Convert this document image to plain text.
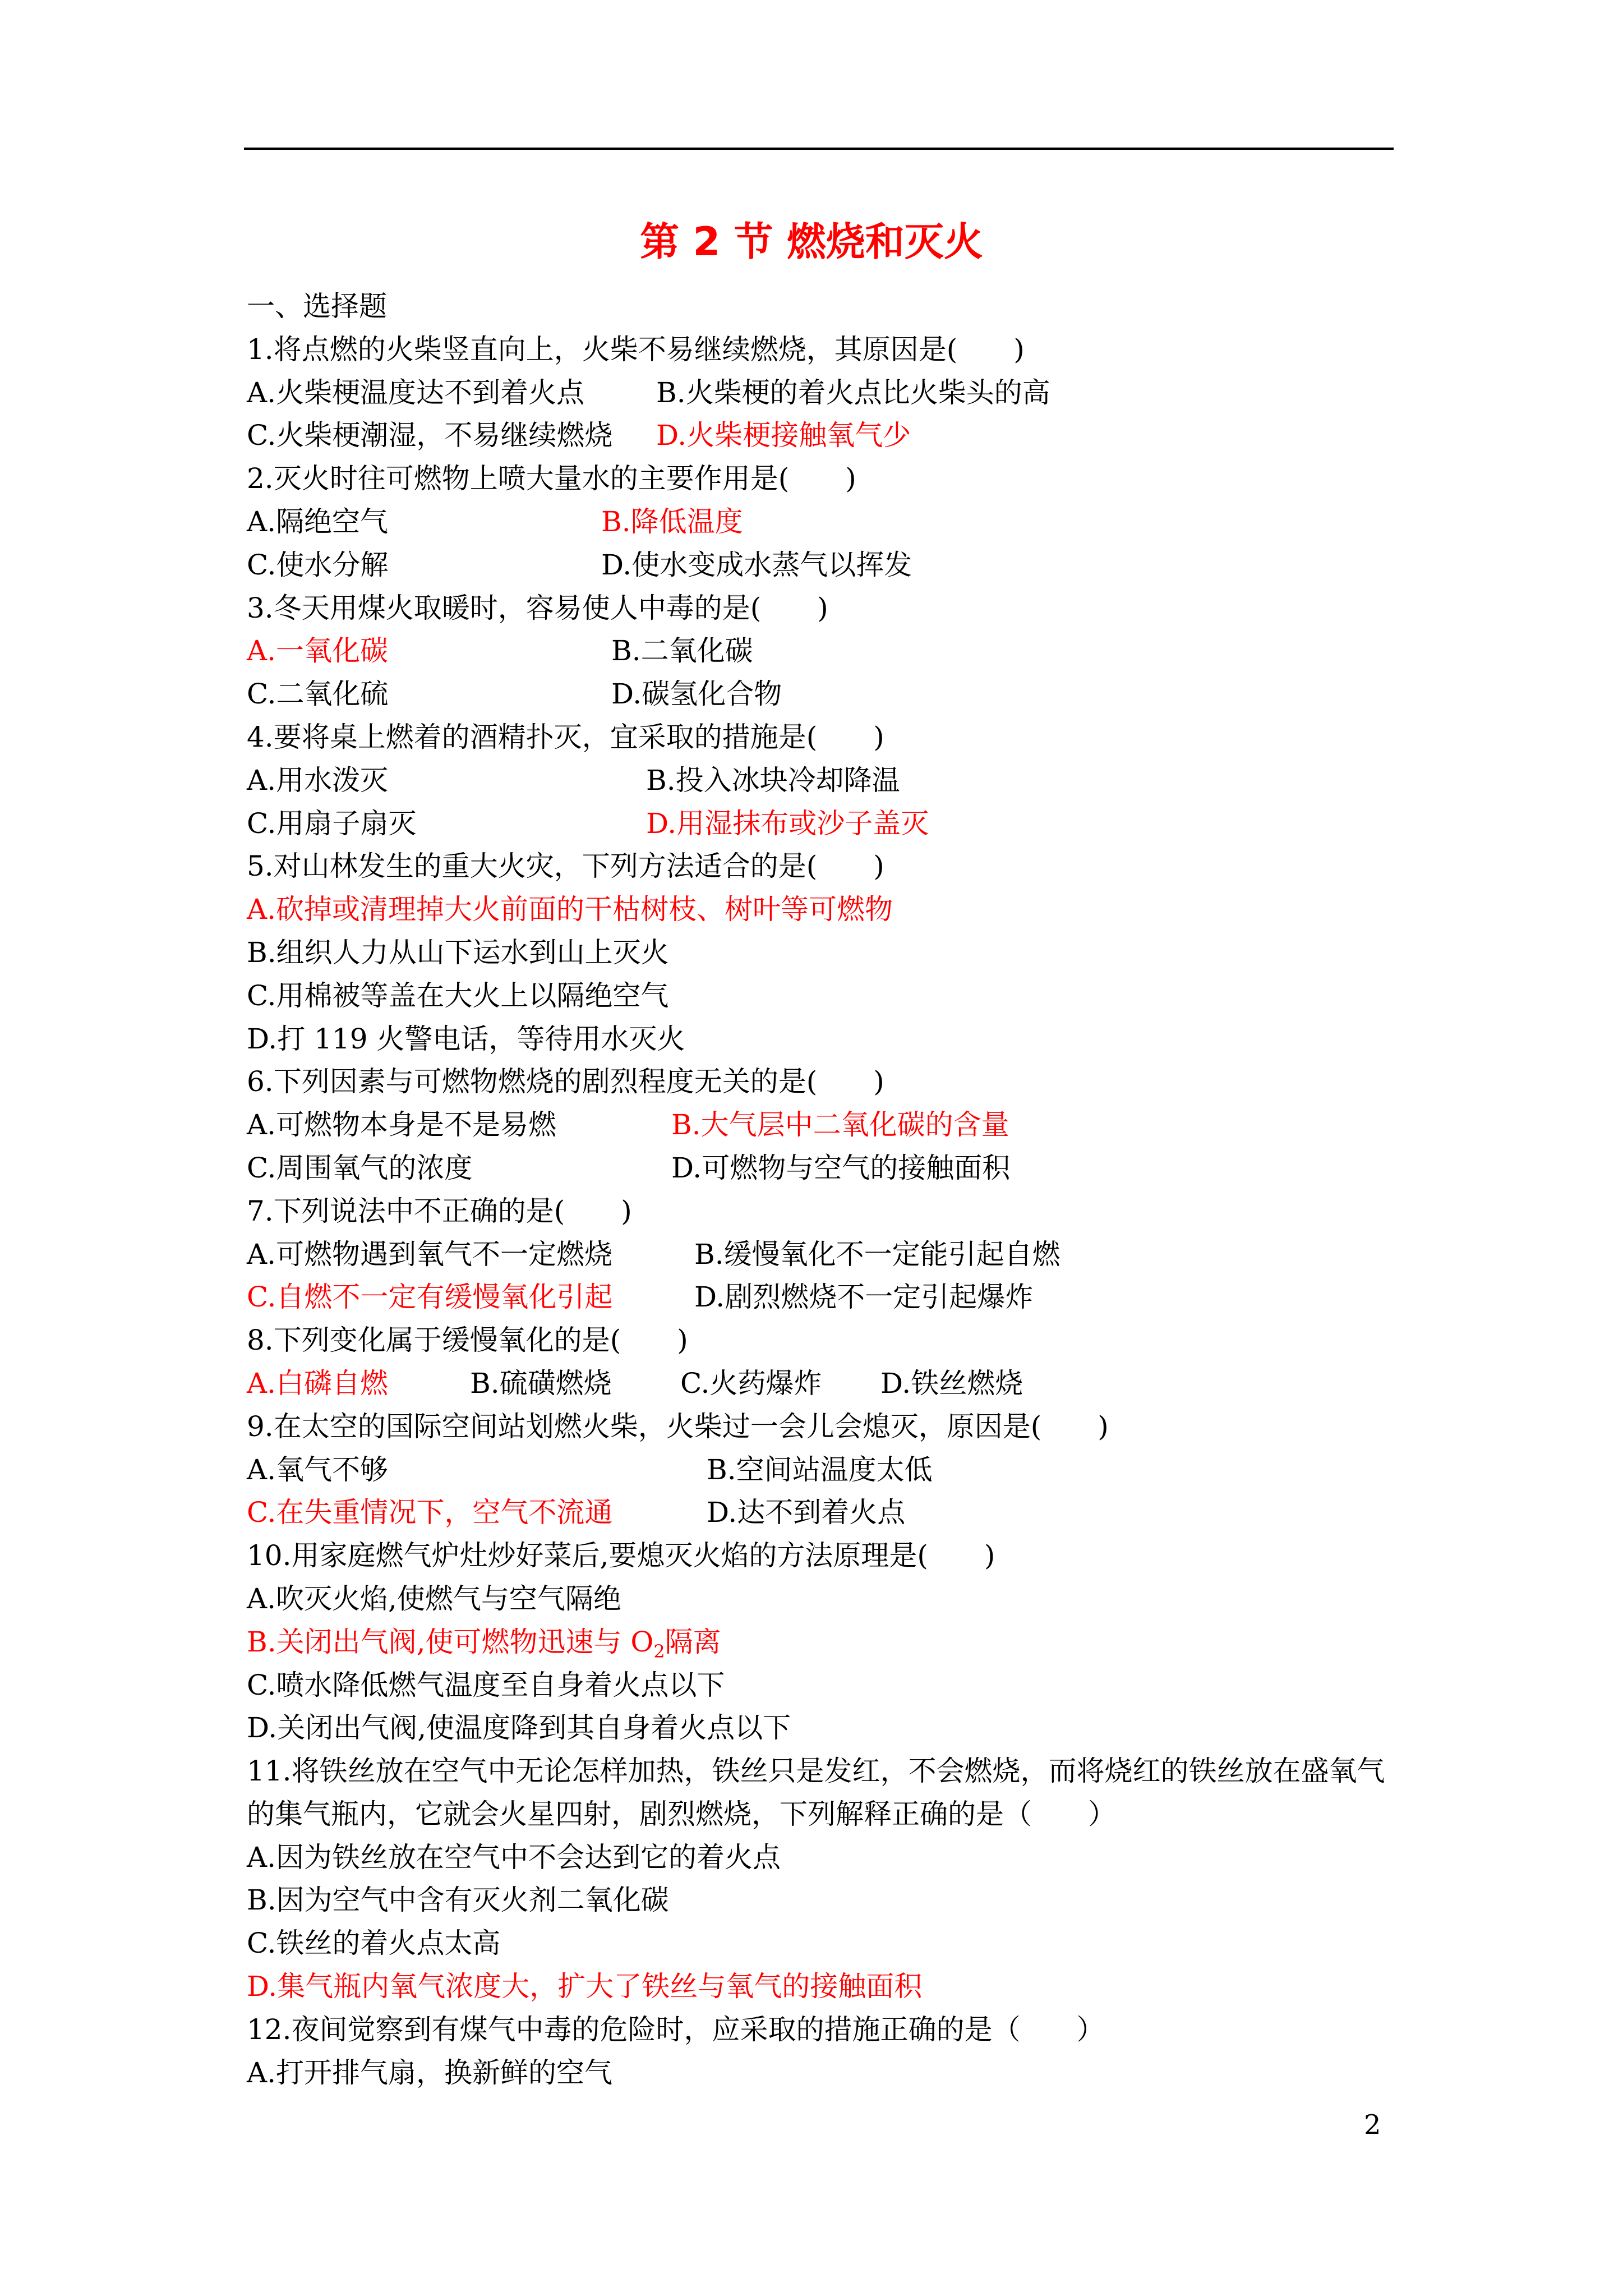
第 2 节 燃烧和灭火
一、选择题
1.将点燃的火柴竖直向上，火柴不易继续燃烧，其原因是(　　)
A.火柴梗温度达不到着火点	B.火柴梗的着火点比火柴头的高
C.火柴梗潮湿，不易继续燃烧 D.火柴梗接触氧气少
2.灭火时往可燃物上喷大量水的主要作用是(　　)
A.隔绝空气	B.降低温度
C.使水分解	D.使水变成水蒸气以挥发
3.冬天用煤火取暖时，容易使人中毒的是(　　)
A.一氧化碳	B.二氧化碳
C.二氧化硫	D.碳氢化合物
4.要将桌上燃着的酒精扑灭，宜采取的措施是(　　)
A.用水泼灭	B.投入冰块冷却降温
C.用扇子扇灭	D.用湿抹布或沙子盖灭
5.对山林发生的重大火灾，下列方法适合的是(　　)
A.砍掉或清理掉大火前面的干枯树枝、树叶等可燃物
B.组织人力从山下运水到山上灭火
C.用棉被等盖在大火上以隔绝空气
D.打 119 火警电话，等待用水灭火
6.下列因素与可燃物燃烧的剧烈程度无关的是(　　)
A.可燃物本身是不是易燃	B.大气层中二氧化碳的含量
C.周围氧气的浓度	D.可燃物与空气的接触面积
7.下列说法中不正确的是(　　)
A.可燃物遇到氧气不一定燃烧	B.缓慢氧化不一定能引起自燃
C.自燃不一定有缓慢氧化引起	D.剧烈燃烧不一定引起爆炸
8.下列变化属于缓慢氧化的是(　　)
A.白磷自燃	B.硫磺燃烧 C.火药爆炸 D.铁丝燃烧
9.在太空的国际空间站划燃火柴，火柴过一会儿会熄灭，原因是(　　)
A.氧气不够	B.空间站温度太低
C.在失重情况下，空气不流通	D.达不到着火点
10.用家庭燃气炉灶炒好菜后,要熄灭火焰的方法原理是(　　)
A.吹灭火焰,使燃气与空气隔绝
B.关闭出气阀,使可燃物迅速与 $O_2$隔离
C.喷水降低燃气温度至自身着火点以下
D.关闭出气阀,使温度降到其自身着火点以下
11.将铁丝放在空气中无论怎样加热，铁丝只是发红，不会燃烧，而将烧红的铁丝放在盛氧气的集气瓶内，它就会火星四射，剧烈燃烧，下列解释正确的是（　　）
A.因为铁丝放在空气中不会达到它的着火点
B.因为空气中含有灭火剂二氧化碳
C.铁丝的着火点太高
D.集气瓶内氧气浓度大，扩大了铁丝与氧气的接触面积
12.夜间觉察到有煤气中毒的危险时，应采取的措施正确的是（　　）
A.打开排气扇，换新鲜的空气
2
